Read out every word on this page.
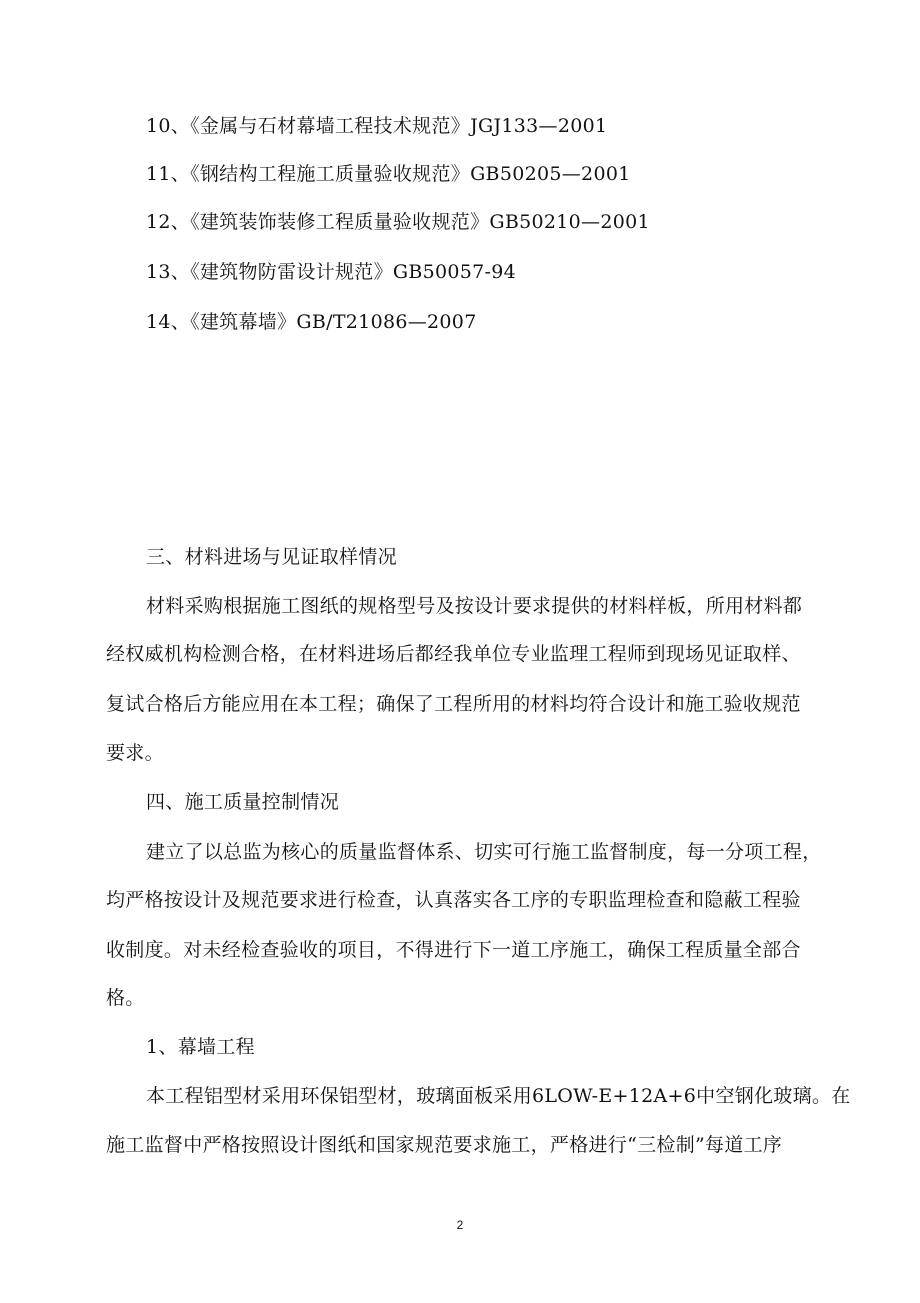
10、《金属与石材幕墙工程技术规范》JGJ133—2001
11、《钢结构工程施工质量验收规范》GB50205—2001
12、《建筑装饰装修工程质量验收规范》GB50210—2001
13、《建筑物防雷设计规范》GB50057-94
14、《建筑幕墙》GB/T21086—2007
三、材料进场与见证取样情况
材料采购根据施工图纸的规格型号及按设计要求提供的材料样板，所用材料都
经权威机构检测合格，在材料进场后都经我单位专业监理工程师到现场见证取样、
复试合格后方能应用在本工程；确保了工程所用的材料均符合设计和施工验收规范
要求。
四、施工质量控制情况
建立了以总监为核心的质量监督体系、切实可行施工监督制度，每一分项工程，
均严格按设计及规范要求进行检查，认真落实各工序的专职监理检查和隐蔽工程验
收制度。对未经检查验收的项目，不得进行下一道工序施工，确保工程质量全部合
格。
1、幕墙工程
本工程铝型材采用环保铝型材，玻璃面板采用6LOW-E+12A+6中空钢化玻璃。在
施工监督中严格按照设计图纸和国家规范要求施工，严格进行“三检制”每道工序
2
